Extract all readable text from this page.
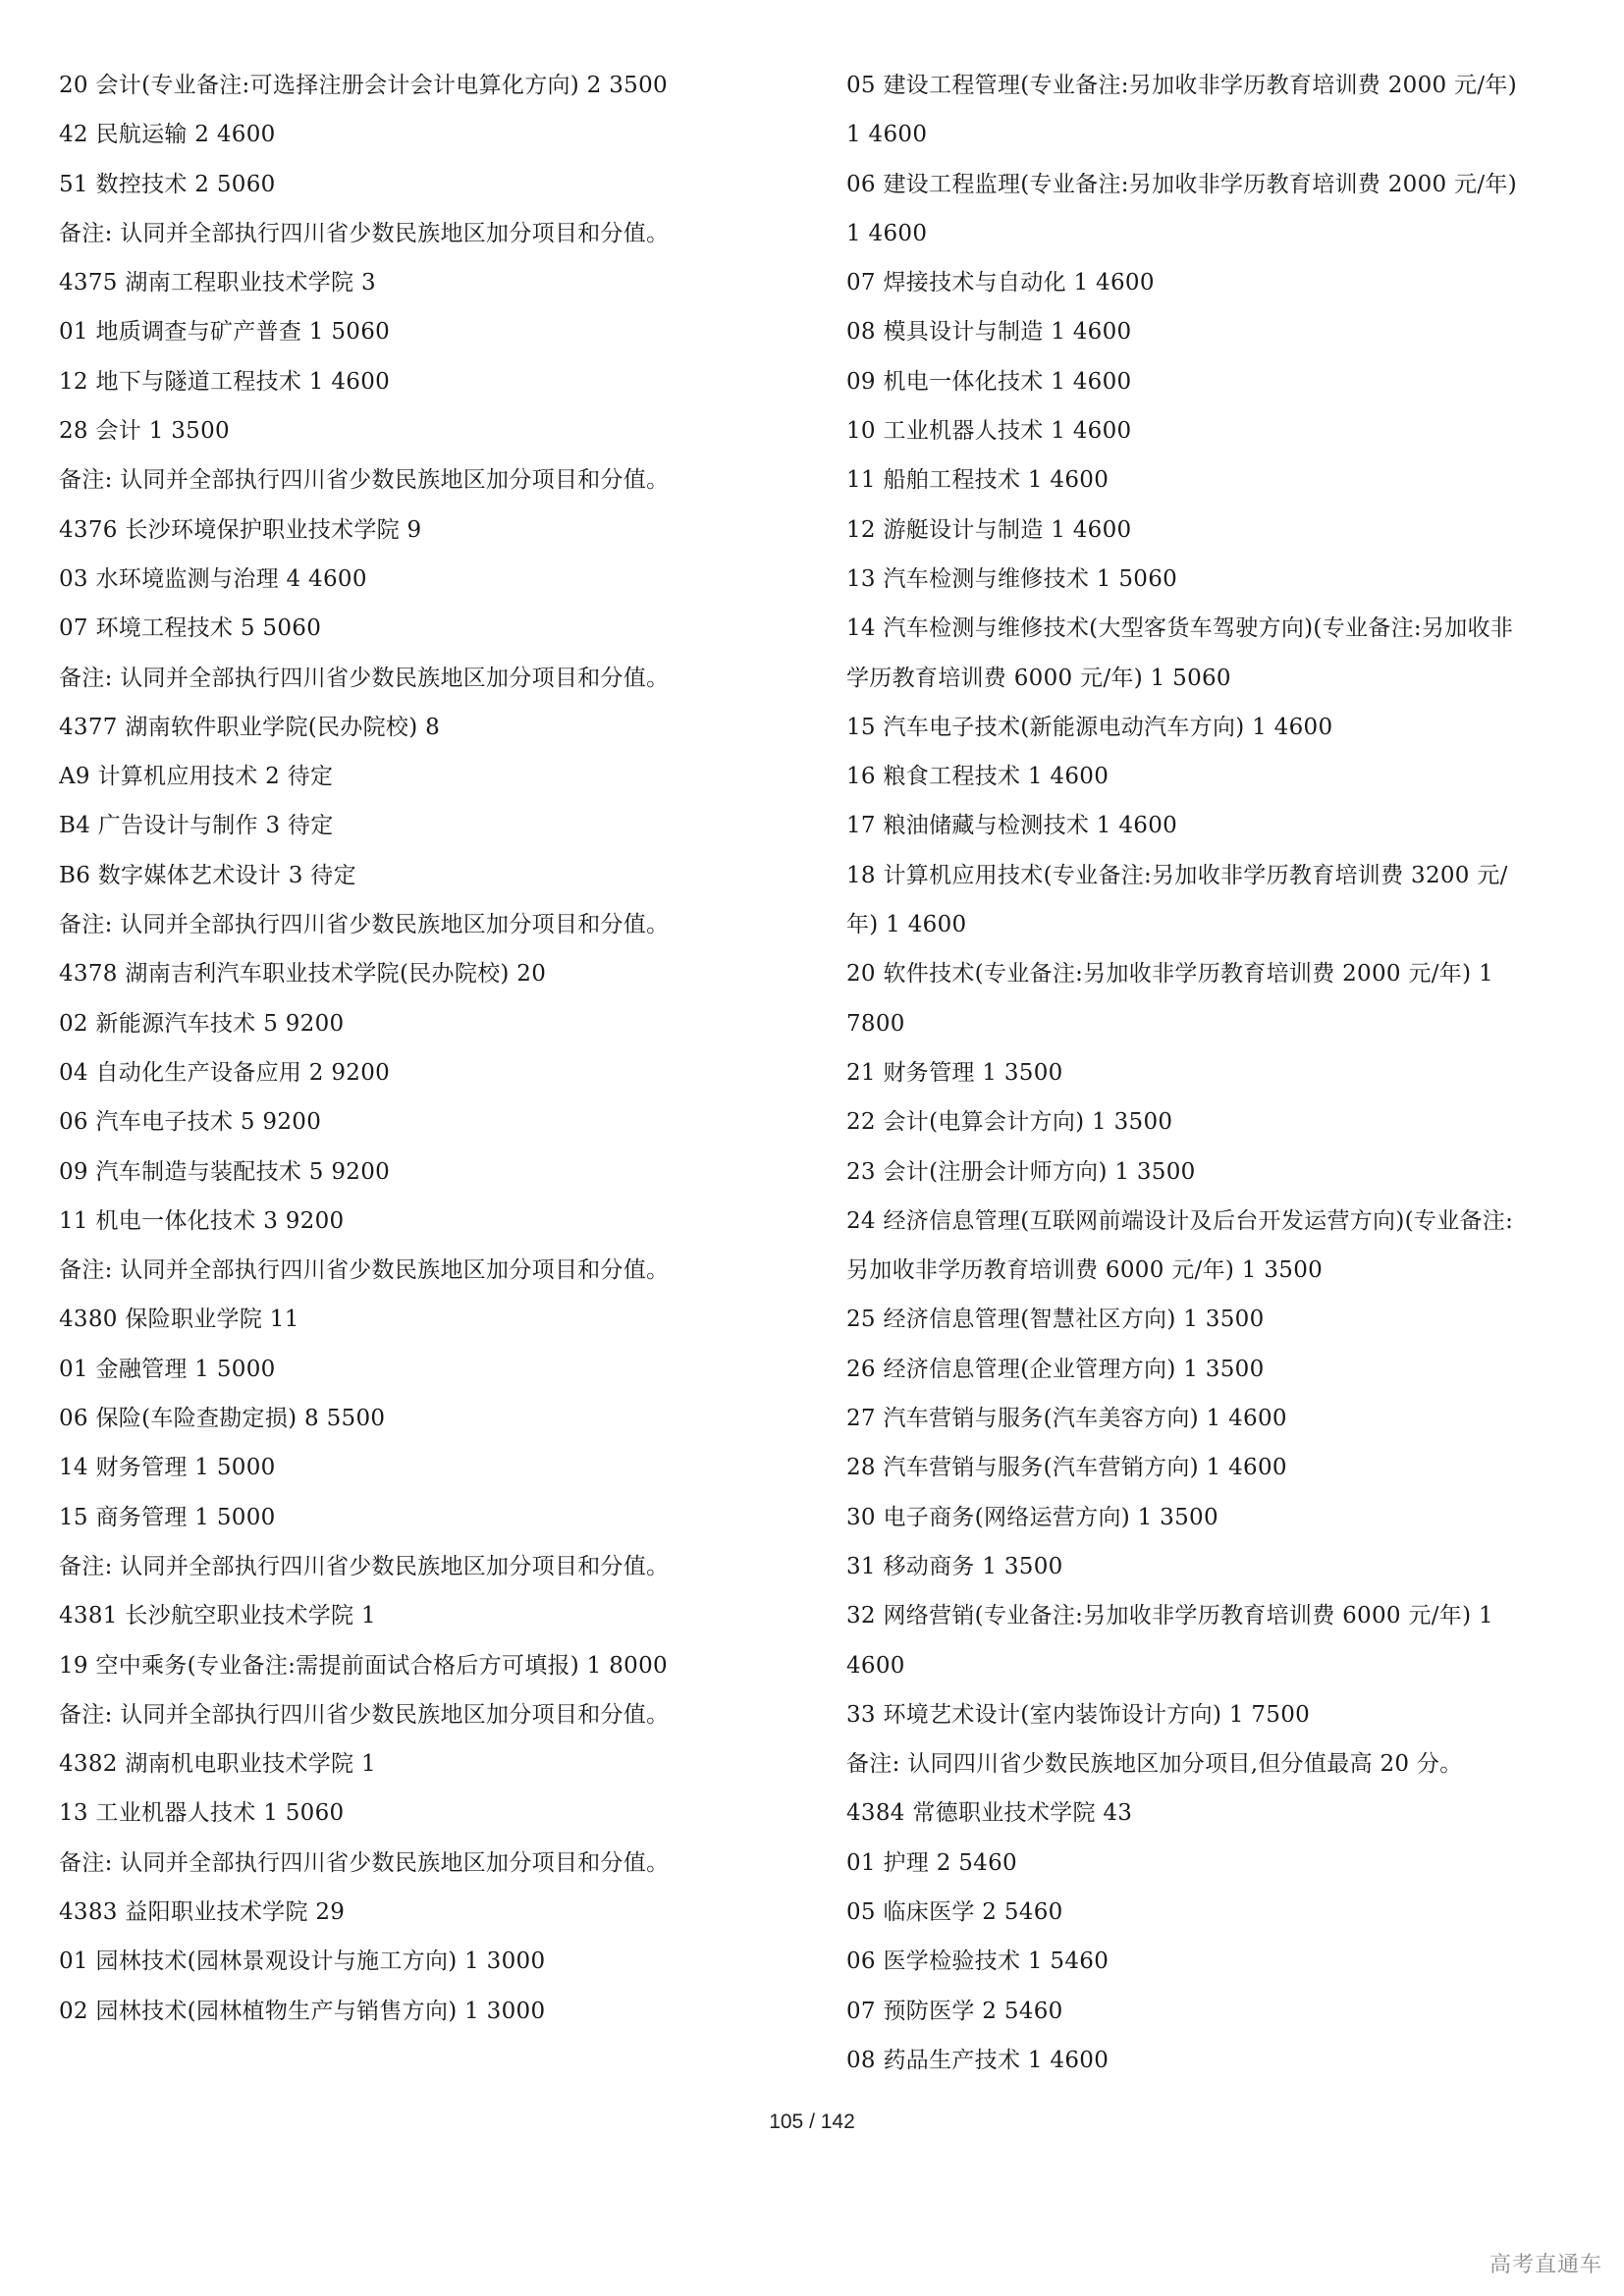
20 会计(专业备注:可选择注册会计会计电算化方向) 2 3500
42 民航运输 2 4600
51 数控技术 2 5060
备注: 认同并全部执行四川省少数民族地区加分项目和分值。
4375 湖南工程职业技术学院 3
01 地质调查与矿产普查 1 5060
12 地下与隧道工程技术 1 4600
28 会计 1 3500
备注: 认同并全部执行四川省少数民族地区加分项目和分值。
4376 长沙环境保护职业技术学院 9
03 水环境监测与治理 4 4600
07 环境工程技术 5 5060
备注: 认同并全部执行四川省少数民族地区加分项目和分值。
4377 湖南软件职业学院(民办院校) 8
A9 计算机应用技术 2 待定
B4 广告设计与制作 3 待定
B6 数字媒体艺术设计 3 待定
备注: 认同并全部执行四川省少数民族地区加分项目和分值。
4378 湖南吉利汽车职业技术学院(民办院校) 20
02 新能源汽车技术 5 9200
04 自动化生产设备应用 2 9200
06 汽车电子技术 5 9200
09 汽车制造与装配技术 5 9200
11 机电一体化技术 3 9200
备注: 认同并全部执行四川省少数民族地区加分项目和分值。
4380 保险职业学院 11
01 金融管理 1 5000
06 保险(车险查勘定损) 8 5500
14 财务管理 1 5000
15 商务管理 1 5000
备注: 认同并全部执行四川省少数民族地区加分项目和分值。
4381 长沙航空职业技术学院 1
19 空中乘务(专业备注:需提前面试合格后方可填报) 1 8000
备注: 认同并全部执行四川省少数民族地区加分项目和分值。
4382 湖南机电职业技术学院 1
13 工业机器人技术 1 5060
备注: 认同并全部执行四川省少数民族地区加分项目和分值。
4383 益阳职业技术学院 29
01 园林技术(园林景观设计与施工方向) 1 3000
02 园林技术(园林植物生产与销售方向) 1 3000
05 建设工程管理(专业备注:另加收非学历教育培训费 2000 元/年)
1 4600
06 建设工程监理(专业备注:另加收非学历教育培训费 2000 元/年)
1 4600
07 焊接技术与自动化 1 4600
08 模具设计与制造 1 4600
09 机电一体化技术 1 4600
10 工业机器人技术 1 4600
11 船舶工程技术 1 4600
12 游艇设计与制造 1 4600
13 汽车检测与维修技术 1 5060
14 汽车检测与维修技术(大型客货车驾驶方向)(专业备注:另加收非
学历教育培训费 6000 元/年) 1 5060
15 汽车电子技术(新能源电动汽车方向) 1 4600
16 粮食工程技术 1 4600
17 粮油储藏与检测技术 1 4600
18 计算机应用技术(专业备注:另加收非学历教育培训费 3200 元/
年) 1 4600
20 软件技术(专业备注:另加收非学历教育培训费 2000 元/年) 1
7800
21 财务管理 1 3500
22 会计(电算会计方向) 1 3500
23 会计(注册会计师方向) 1 3500
24 经济信息管理(互联网前端设计及后台开发运营方向)(专业备注:
另加收非学历教育培训费 6000 元/年) 1 3500
25 经济信息管理(智慧社区方向) 1 3500
26 经济信息管理(企业管理方向) 1 3500
27 汽车营销与服务(汽车美容方向) 1 4600
28 汽车营销与服务(汽车营销方向) 1 4600
30 电子商务(网络运营方向) 1 3500
31 移动商务 1 3500
32 网络营销(专业备注:另加收非学历教育培训费 6000 元/年) 1
4600
33 环境艺术设计(室内装饰设计方向) 1 7500
备注: 认同四川省少数民族地区加分项目,但分值最高 20 分。
4384 常德职业技术学院 43
01 护理 2 5460
05 临床医学 2 5460
06 医学检验技术 1 5460
07 预防医学 2 5460
08 药品生产技术 1 4600
105 / 142
高考直通车
